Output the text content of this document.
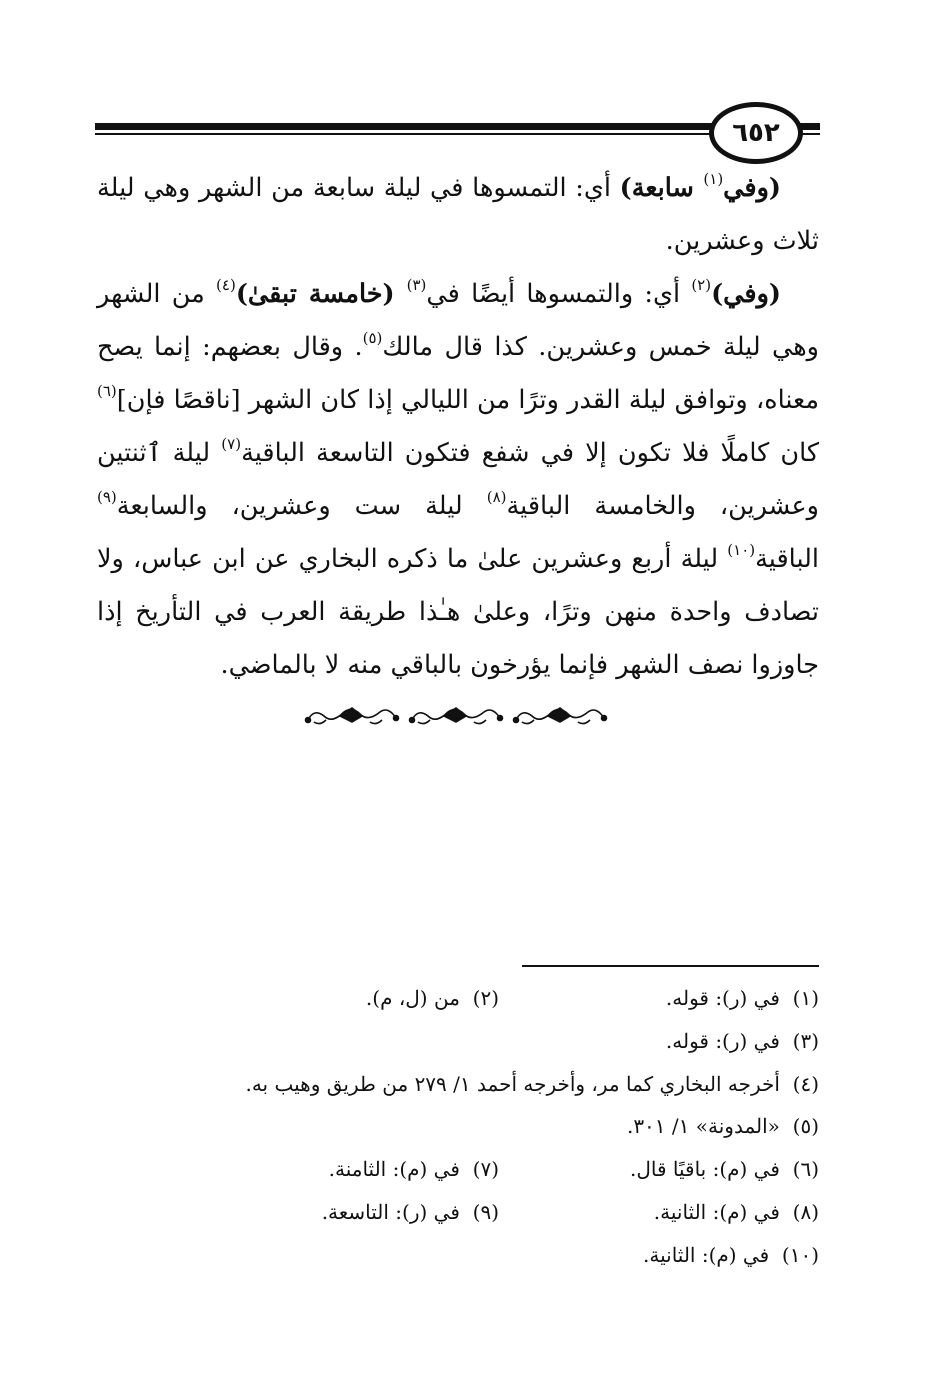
٦٥٢

(وفي$^{(١)}$ سابعة) أي: التمسوها في ليلة سابعة من الشهر وهي ليلة ثلاث وعشرين.

(وفي)$^{(٢)}$ أي: والتمسوها أيضًا في$^{(٣)}$ (خامسة تبقىٰ)$^{(٤)}$ من الشهر وهي ليلة خمس وعشرين. كذا قال مالك$^{(٥)}$. وقال بعضهم: إنما يصح معناه، وتوافق ليلة القدر وترًا من الليالي إذا كان الشهر [ناقصًا فإن]$^{(٦)}$ كان كاملًا فلا تكون إلا في شفع فتكون التاسعة الباقية$^{(٧)}$ ليلة ٱثنتين وعشرين، والخامسة الباقية$^{(٨)}$ ليلة ست وعشرين، والسابعة$^{(٩)}$ الباقية$^{(١٠)}$ ليلة أربع وعشرين علىٰ ما ذكره البخاري عن ابن عباس، ولا تصادف واحدة منهن وترًا، وعلىٰ هـٰذا طريقة العرب في التأريخ إذا جاوزوا نصف الشهر فإنما يؤرخون بالباقي منه لا بالماضي.

(١)  في (ر): قوله.
(٢)  من (ل، م).
(٣)  في (ر): قوله.
(٤)  أخرجه البخاري كما مر، وأخرجه أحمد ١/ ٢٧٩ من طريق وهيب به.
(٥)  «المدونة» ١/ ٣٠١.
(٦)  في (م): باقيًا قال.
(٧)  في (م): الثامنة.
(٨)  في (م): الثانية.
(٩)  في (ر): التاسعة.
(١٠)  في (م): الثانية.
